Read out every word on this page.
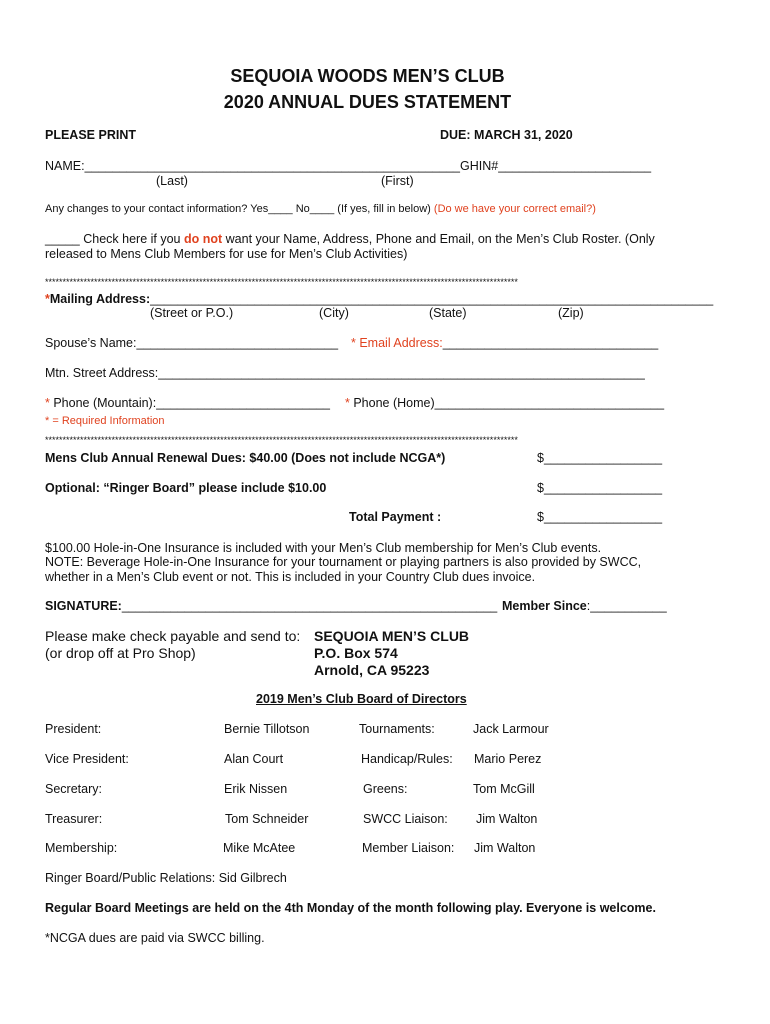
SEQUOIA WOODS MEN’S CLUB
2020 ANNUAL DUES STATEMENT
PLEASE PRINT	DUE: MARCH 31, 2020
NAME:______________________________________________________GHIN#______________________
(Last)	(First)
Any changes to your contact information? Yes____ No____ (If yes, fill in below) (Do we have your correct email?)
_____ Check here if you do not want your Name, Address, Phone and Email, on the Men’s Club Roster. (Only
released to Mens Club Members for use for Men’s Club Activities)
***************************************************************************************************************************************
*Mailing Address:_________________________________________________________________________________
(Street or P.O.)	(City)	(State)	(Zip)
Spouse’s Name:_____________________________ * Email Address:_______________________________
Mtn. Street Address:______________________________________________________________________
* Phone (Mountain):_________________________ * Phone (Home)_________________________________
* = Required Information
***************************************************************************************************************************************
Mens Club Annual Renewal Dues: $40.00 (Does not include NCGA*)	$_________________
Optional: “Ringer Board” please include $10.00	$_________________
Total Payment :	$_________________
$100.00 Hole-in-One Insurance is included with your Men’s Club membership for Men’s Club events.
NOTE: Beverage Hole-in-One Insurance for your tournament or playing partners is also provided by SWCC,
whether in a Men’s Club event or not. This is included in your Country Club dues invoice.
SIGNATURE:______________________________________________________ Member Since:___________
Please make check payable and send to:
(or drop off at Pro Shop)
SEQUOIA MEN’S CLUB
P.O. Box 574
Arnold, CA 95223
2019 Men’s Club Board of Directors
President:	Bernie Tillotson	Tournaments:	Jack Larmour
Vice President:	Alan Court	Handicap/Rules: Mario Perez
Secretary:	Erik Nissen	Greens:	Tom McGill
Treasurer:	Tom Schneider	SWCC Liaison: Jim Walton
Membership:	Mike McAtee	Member Liaison: Jim Walton
Ringer Board/Public Relations: Sid Gilbrech
Regular Board Meetings are held on the 4th Monday of the month following play. Everyone is welcome.
*NCGA dues are paid via SWCC billing.
